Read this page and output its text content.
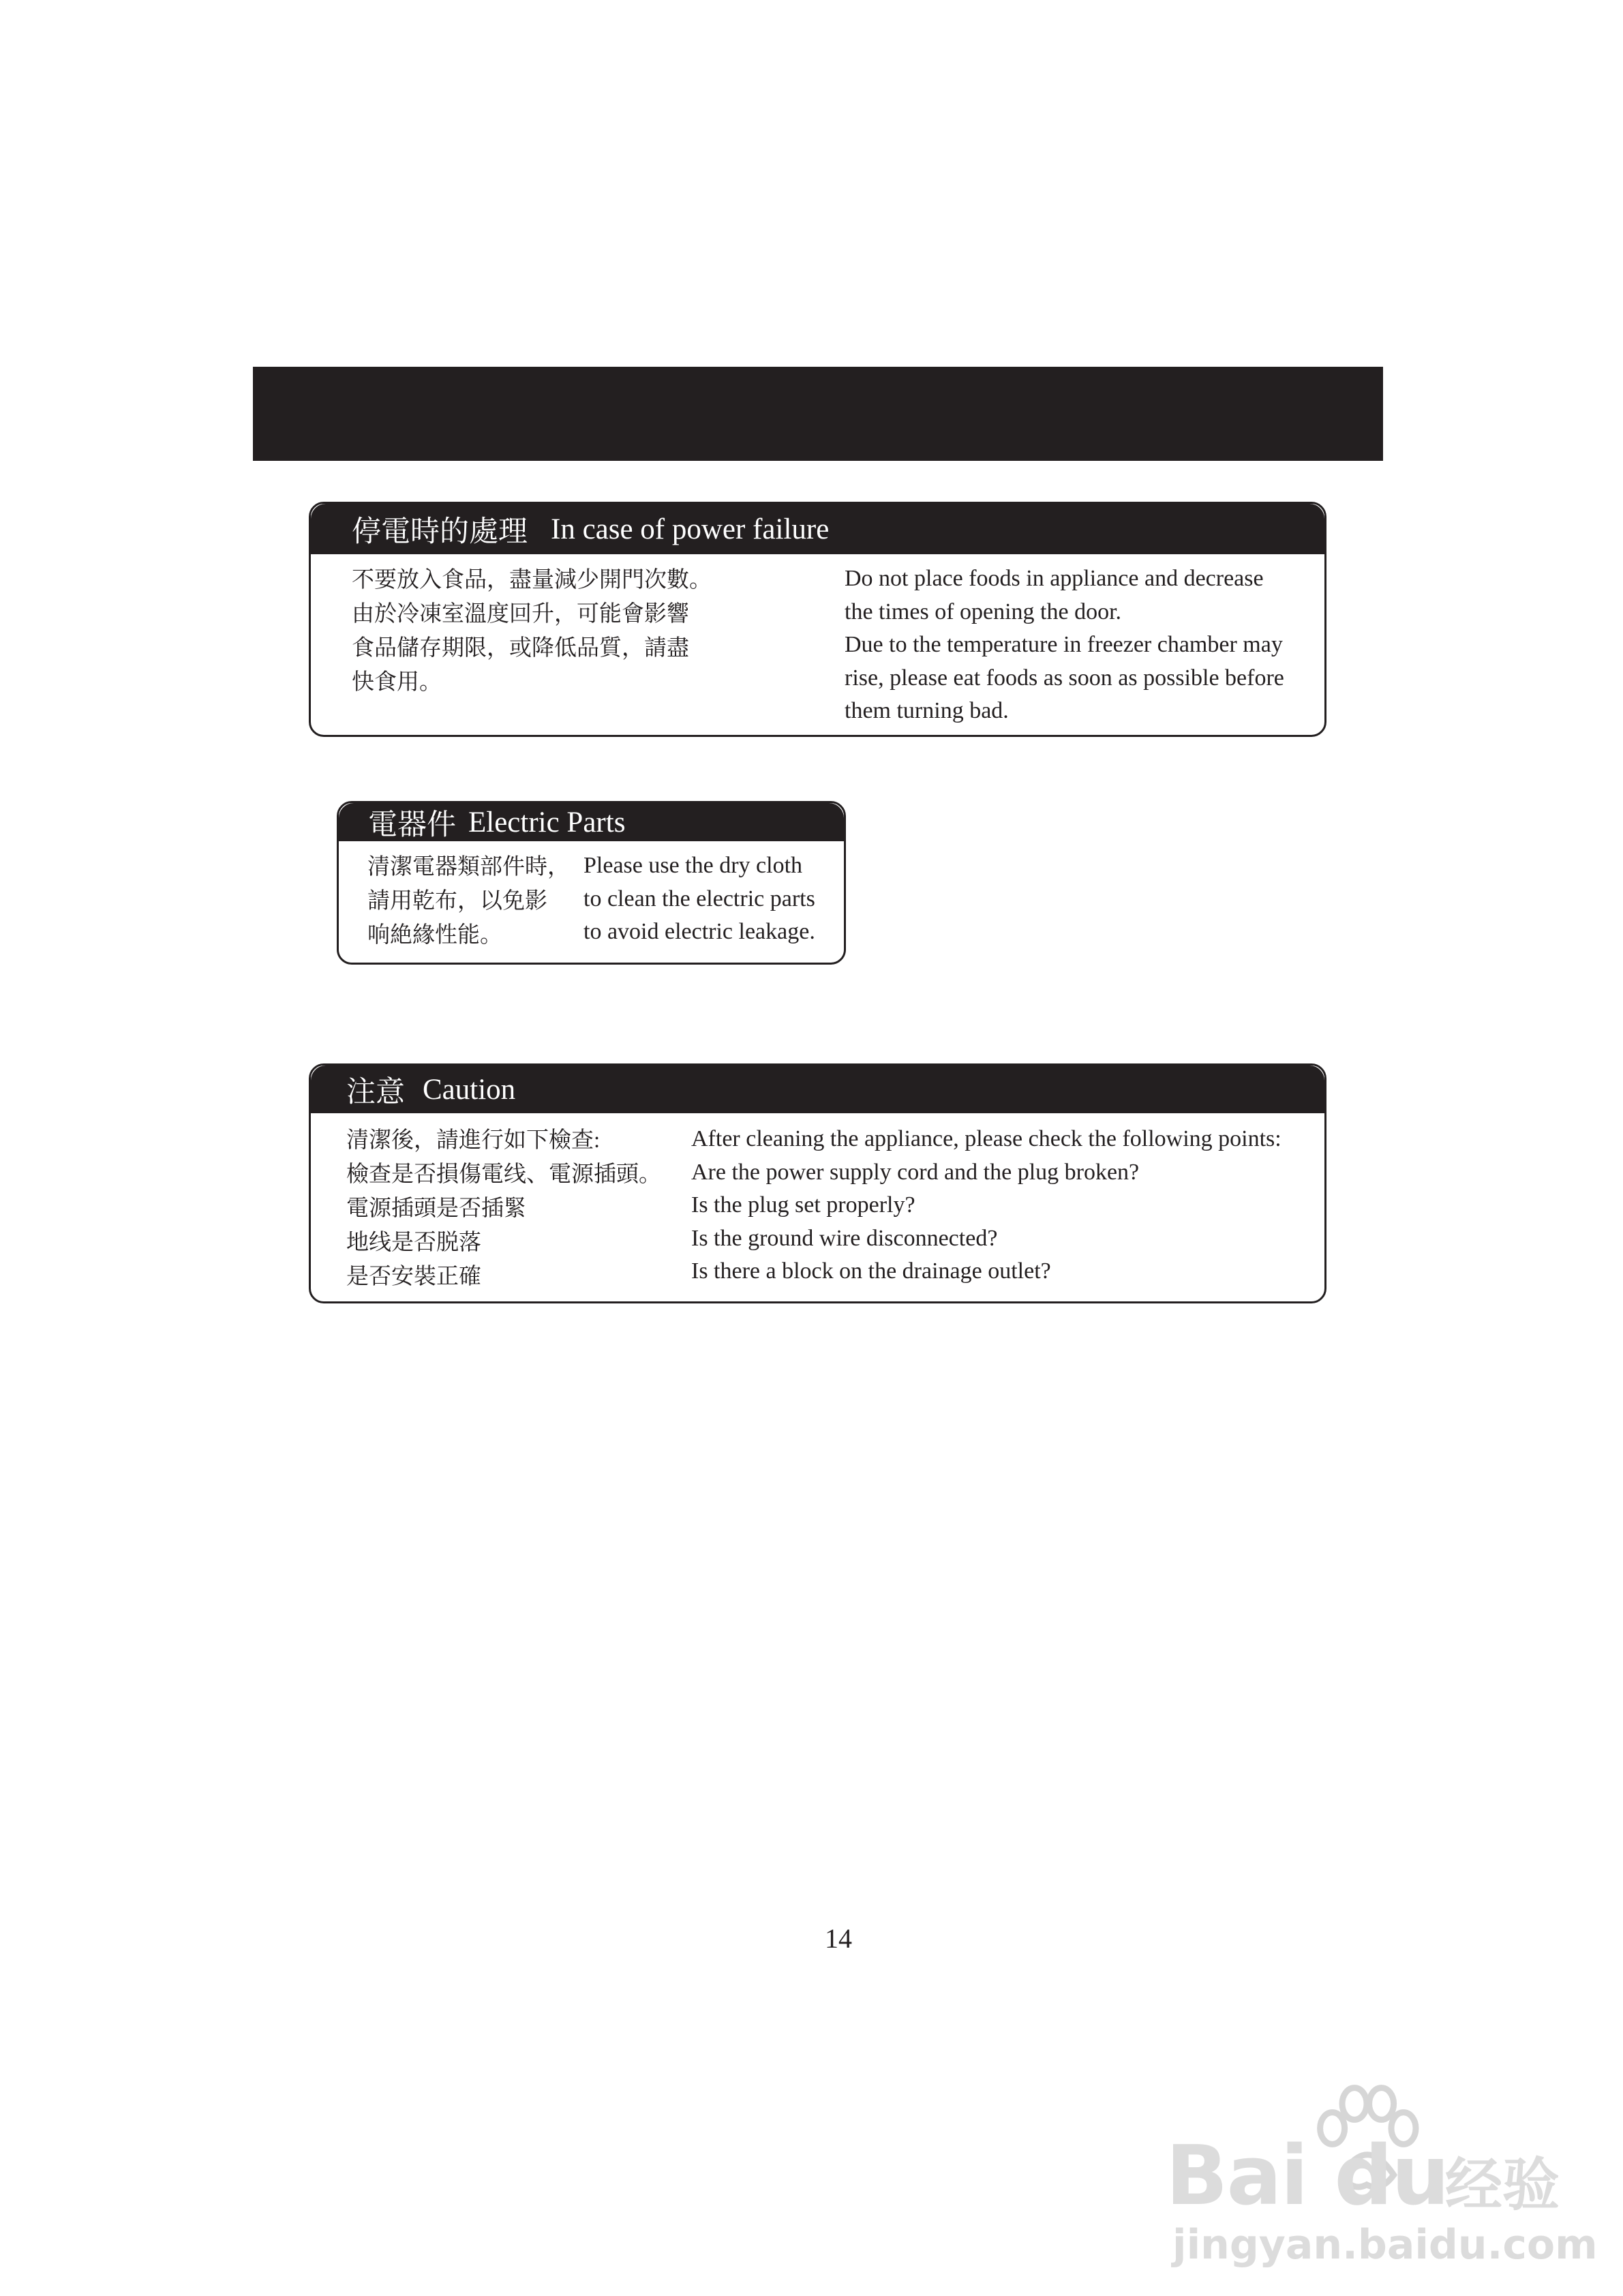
停電時的處理 In case of power failure
不要放入食品，盡量減少開門次數。
由於冷凍室溫度回升，可能會影響
食品儲存期限，或降低品質，請盡
快食用。
Do not place foods in appliance and decrease
the times of opening the door.
Due to the temperature in freezer chamber may
rise, please eat foods as soon as possible before
them turning bad.
電器件 Electric Parts
清潔電器類部件時，
請用乾布，以免影
响絶緣性能。
Please use the dry cloth
to clean the electric parts
to avoid electric leakage.
注意 Caution
清潔後，請進行如下檢查:
檢查是否損傷電线、電源插頭。
電源插頭是否插緊
地线是否脱落
是否安裝正確
After cleaning the appliance, please check the following points:
Are the power supply cord and the plug broken?
Is the plug set properly?
Is the ground wire disconnected?
Is there a block on the drainage outlet?
14
Bai du
经验
jingyan.baidu.com
